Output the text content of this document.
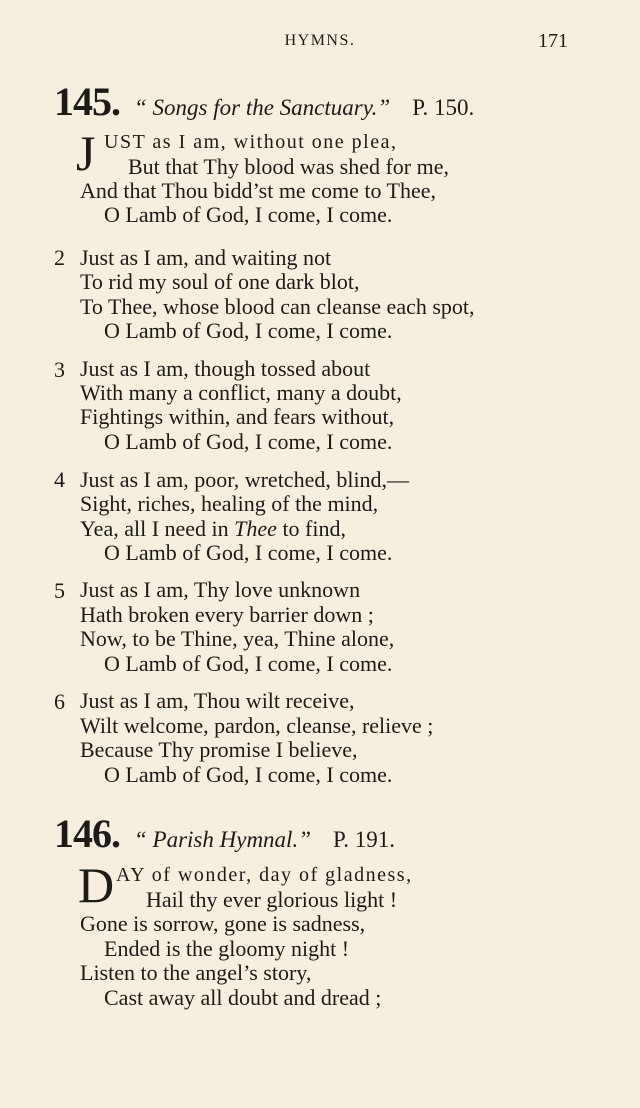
HYMNS.	171
145. “ Songs for the Sanctuary.” P. 150.
J UST as I am, without one plea,
But that Thy blood was shed for me,
And that Thou bidd’st me come to Thee,
O Lamb of God, I come, I come.
2 Just as I am, and waiting not
To rid my soul of one dark blot,
To Thee, whose blood can cleanse each spot,
O Lamb of God, I come, I come.
3 Just as I am, though tossed about
With many a conflict, many a doubt,
Fightings within, and fears without,
O Lamb of God, I come, I come.
4 Just as I am, poor, wretched, blind,—
Sight, riches, healing of the mind,
Yea, all I need in Thee to find,
O Lamb of God, I come, I come.
5 Just as I am, Thy love unknown
Hath broken every barrier down ;
Now, to be Thine, yea, Thine alone,
O Lamb of God, I come, I come.
6 Just as I am, Thou wilt receive,
Wilt welcome, pardon, cleanse, relieve ;
Because Thy promise I believe,
O Lamb of God, I come, I come.
146. “ Parish Hymnal.” P. 191.
D AY of wonder, day of gladness,
Hail thy ever glorious light !
Gone is sorrow, gone is sadness,
Ended is the gloomy night !
Listen to the angel’s story,
Cast away all doubt and dread ;
